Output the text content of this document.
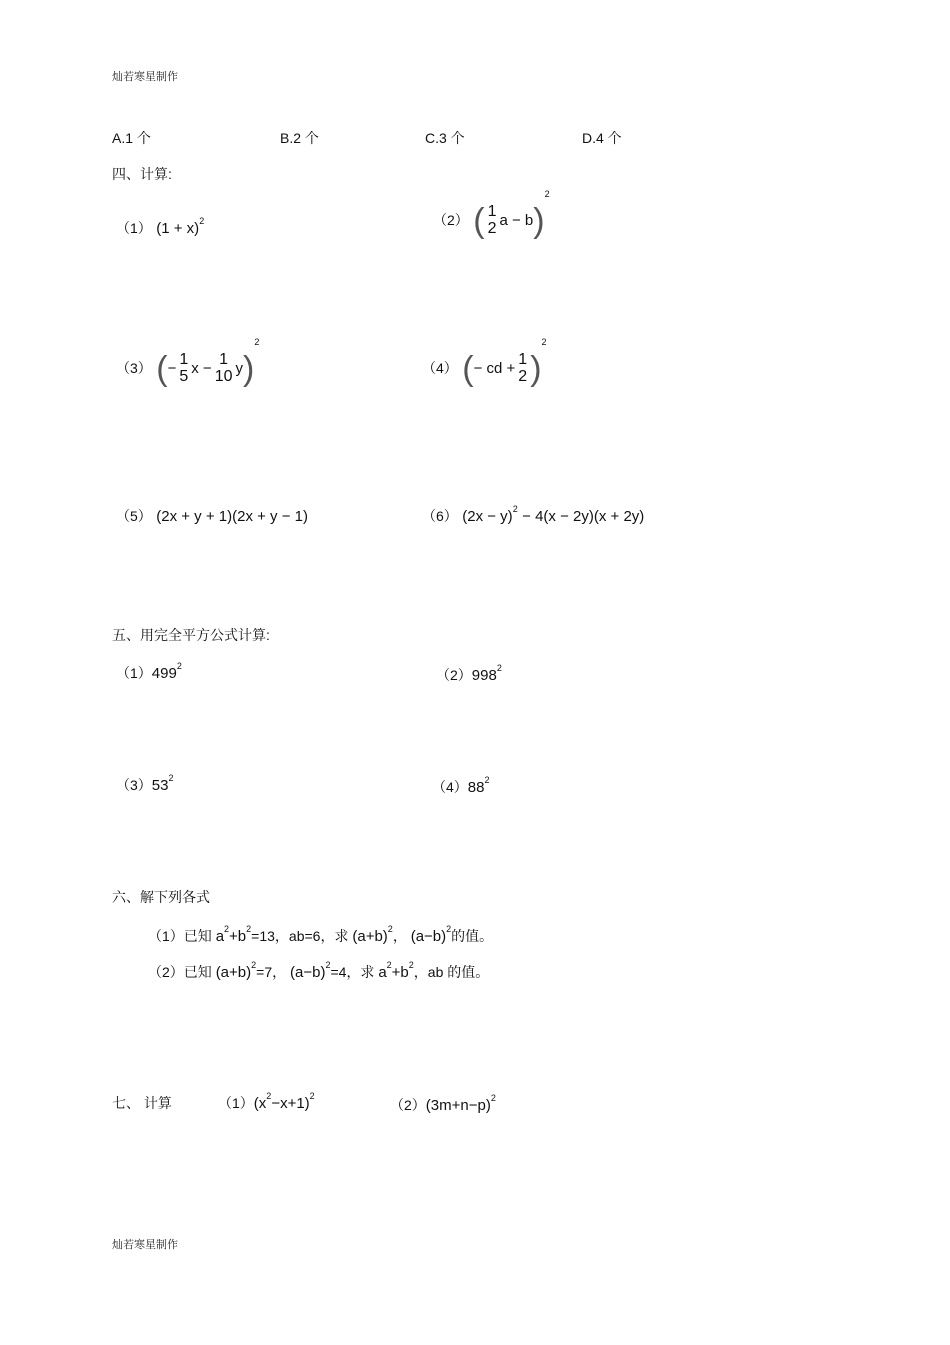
灿若寒星制作
A.1 个	B.2 个	C.3 个	D.4 个
四、计算:
（1） $(1 + x)^2$	（2） ( 1
2 a − b)$^2$
（3） (−
1
5 x −
1
10 y)$^2$
（4） (− cd +
1
2 )$^2$
（5） (2x + y + 1)(2x + y − 1)	（6） $(2x - y)^2 - 4(x - 2y)(x + 2y)$
五、用完全平方公式计算:
$(1)499^2$
$(2)998^2$
$(3)53^2$
$(4)88^2$
六、解下列各式
（1）已知 $a^2+b^2=13$，ab=6，求 $(a+b)^2$， $(a-b)^2$的值。
（2）已知 $(a+b)^2=7$， $(a-b)^2=4$，求 $a^2+b^2$，ab 的值。
七、 计算	$(1)(x^2-x+1)^2$
$(2)(3m+n-p)^2$
灿若寒星制作
